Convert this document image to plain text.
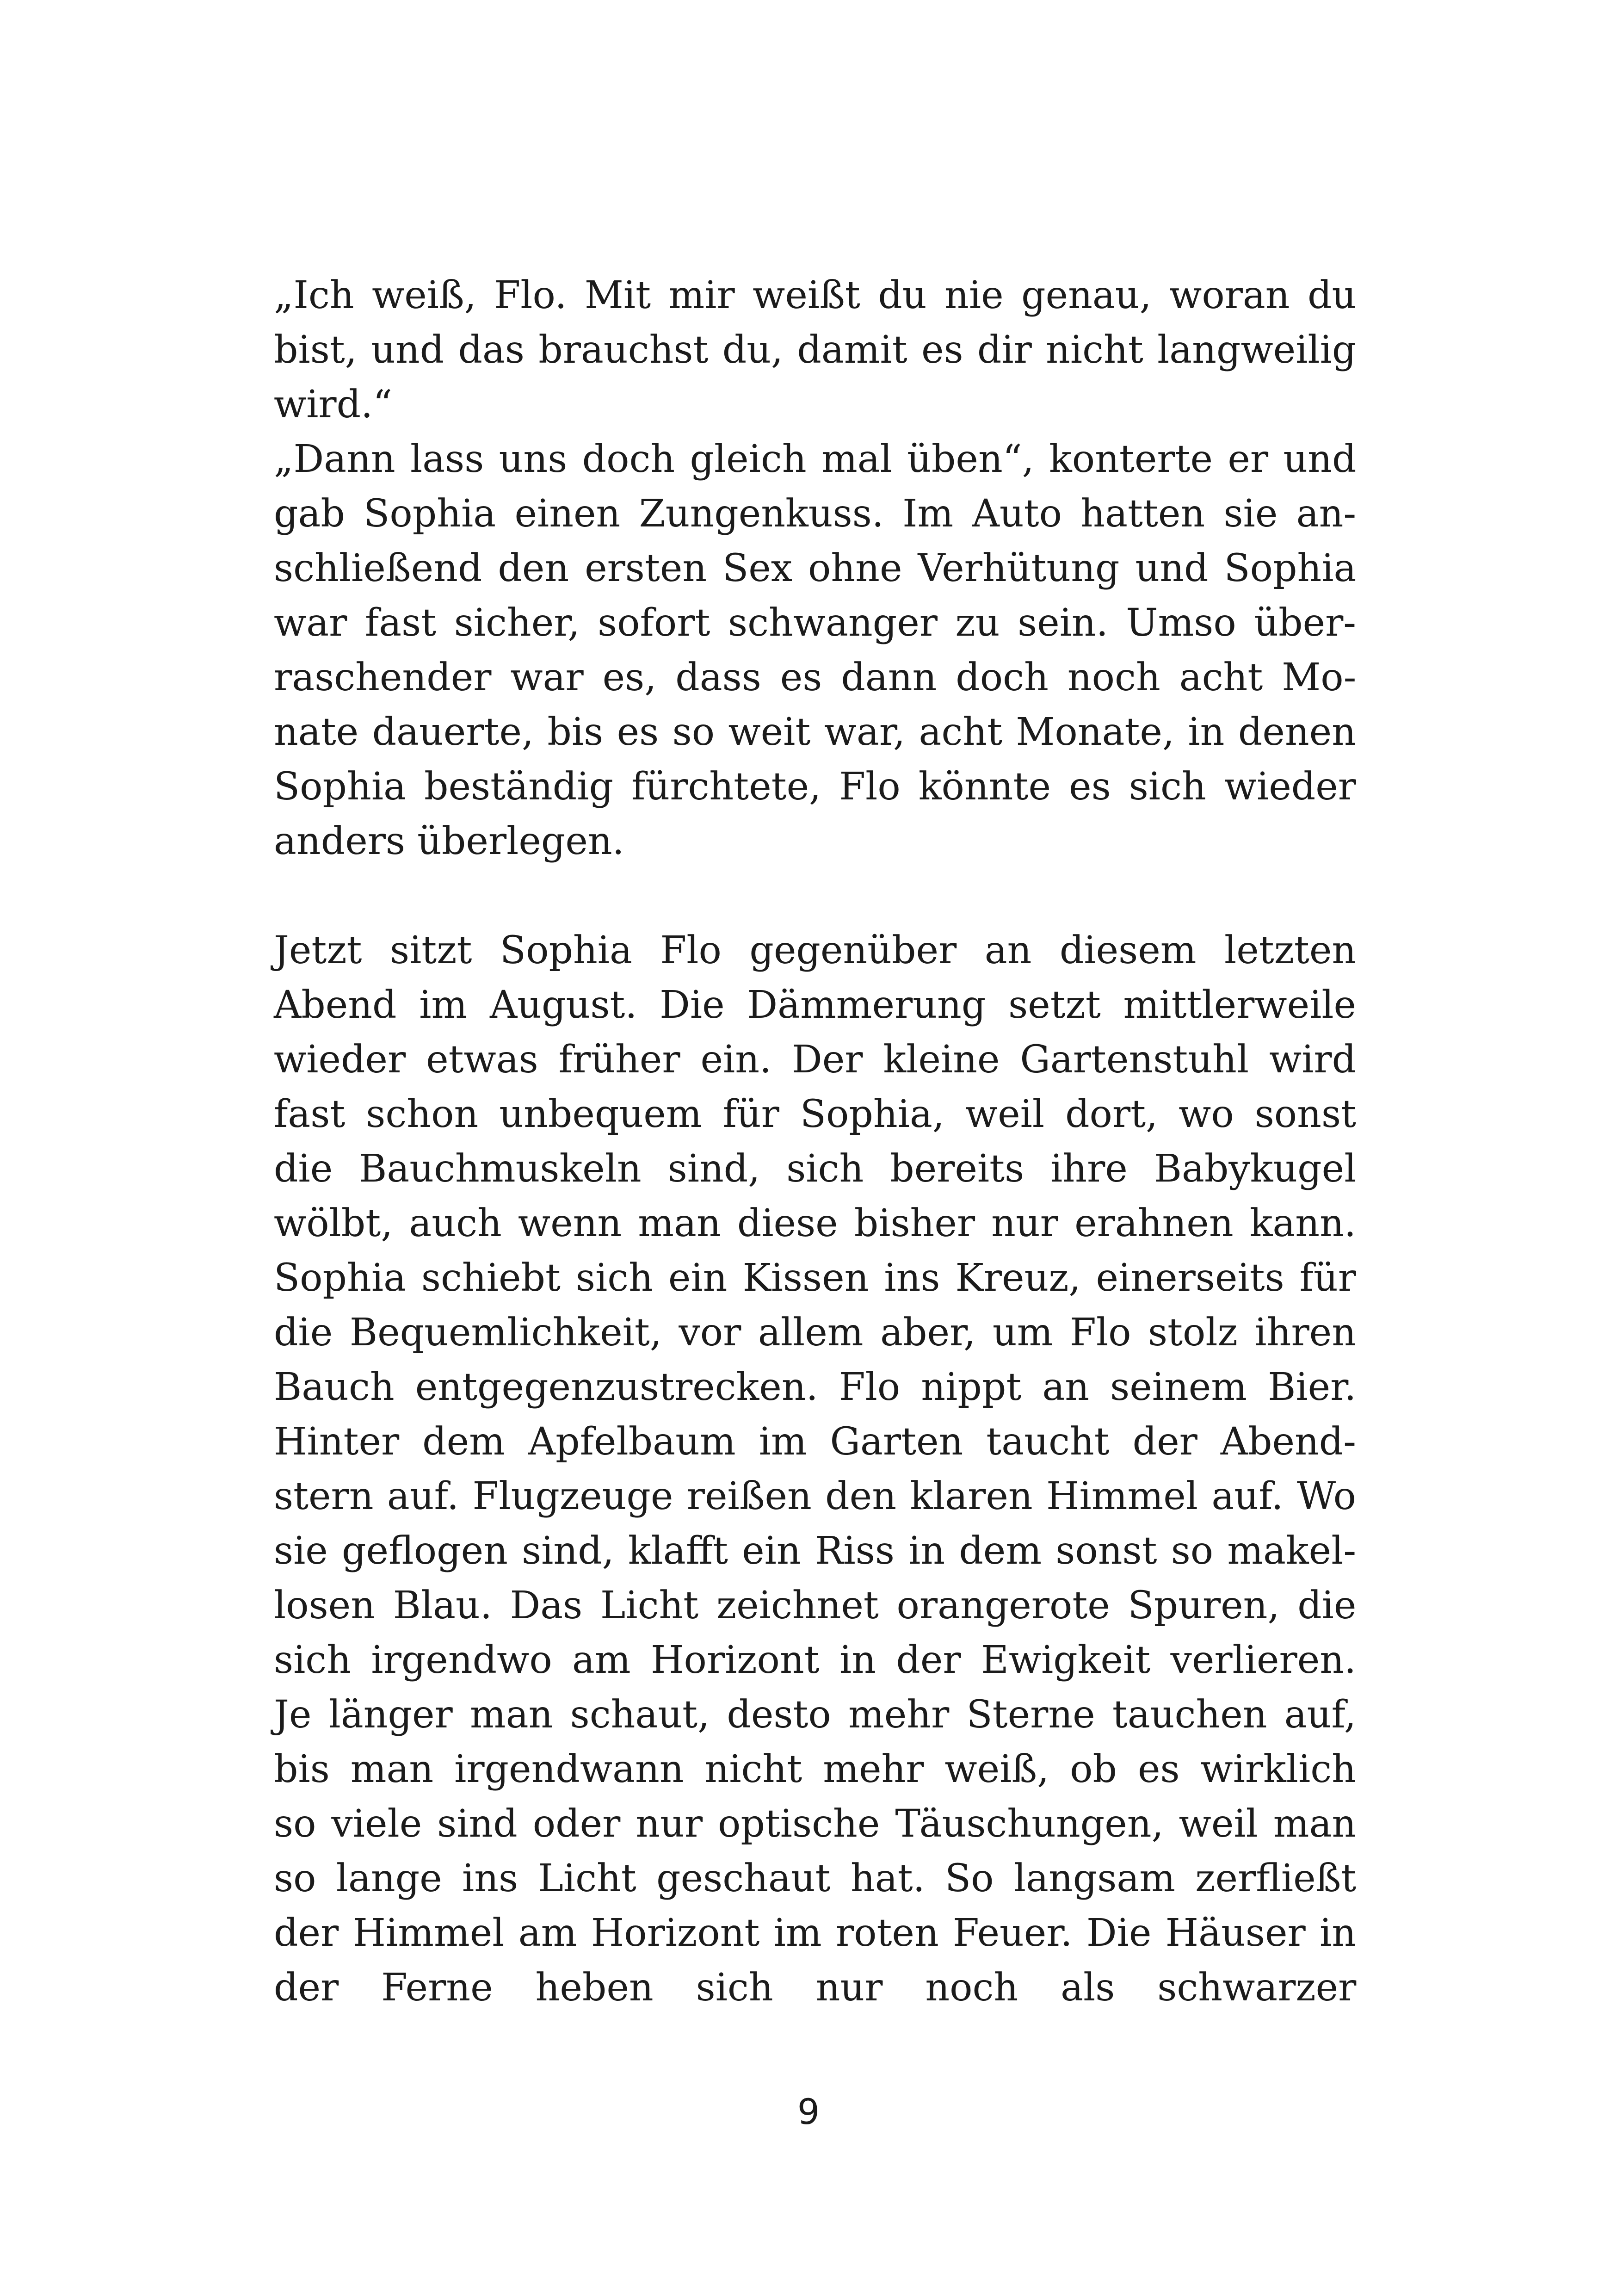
„Ich weiß, Flo. Mit mir weißt du nie genau, woran du
bist, und das brauchst du, damit es dir nicht langweilig
wird.“
„Dann lass uns doch gleich mal üben“, konterte er und
gab Sophia einen Zungenkuss. Im Auto hatten sie an-
schließend den ersten Sex ohne Verhütung und Sophia
war fast sicher, sofort schwanger zu sein. Umso über-
raschender war es, dass es dann doch noch acht Mo-
nate dauerte, bis es so weit war, acht Monate, in denen
Sophia beständig fürchtete, Flo könnte es sich wieder
anders überlegen.
Jetzt sitzt Sophia Flo gegenüber an diesem letzten
Abend im August. Die Dämmerung setzt mittlerweile
wieder etwas früher ein. Der kleine Gartenstuhl wird
fast schon unbequem für Sophia, weil dort, wo sonst
die Bauchmuskeln sind, sich bereits ihre Babykugel
wölbt, auch wenn man diese bisher nur erahnen kann.
Sophia schiebt sich ein Kissen ins Kreuz, einerseits für
die Bequemlichkeit, vor allem aber, um Flo stolz ihren
Bauch entgegenzustrecken. Flo nippt an seinem Bier.
Hinter dem Apfelbaum im Garten taucht der Abend-
stern auf. Flugzeuge reißen den klaren Himmel auf. Wo
sie geflogen sind, klafft ein Riss in dem sonst so makel-
losen Blau. Das Licht zeichnet orangerote Spuren, die
sich irgendwo am Horizont in der Ewigkeit verlieren.
Je länger man schaut, desto mehr Sterne tauchen auf,
bis man irgendwann nicht mehr weiß, ob es wirklich
so viele sind oder nur optische Täuschungen, weil man
so lange ins Licht geschaut hat. So langsam zerfließt
der Himmel am Horizont im roten Feuer. Die Häuser in
der Ferne heben sich nur noch als schwarzer
9
